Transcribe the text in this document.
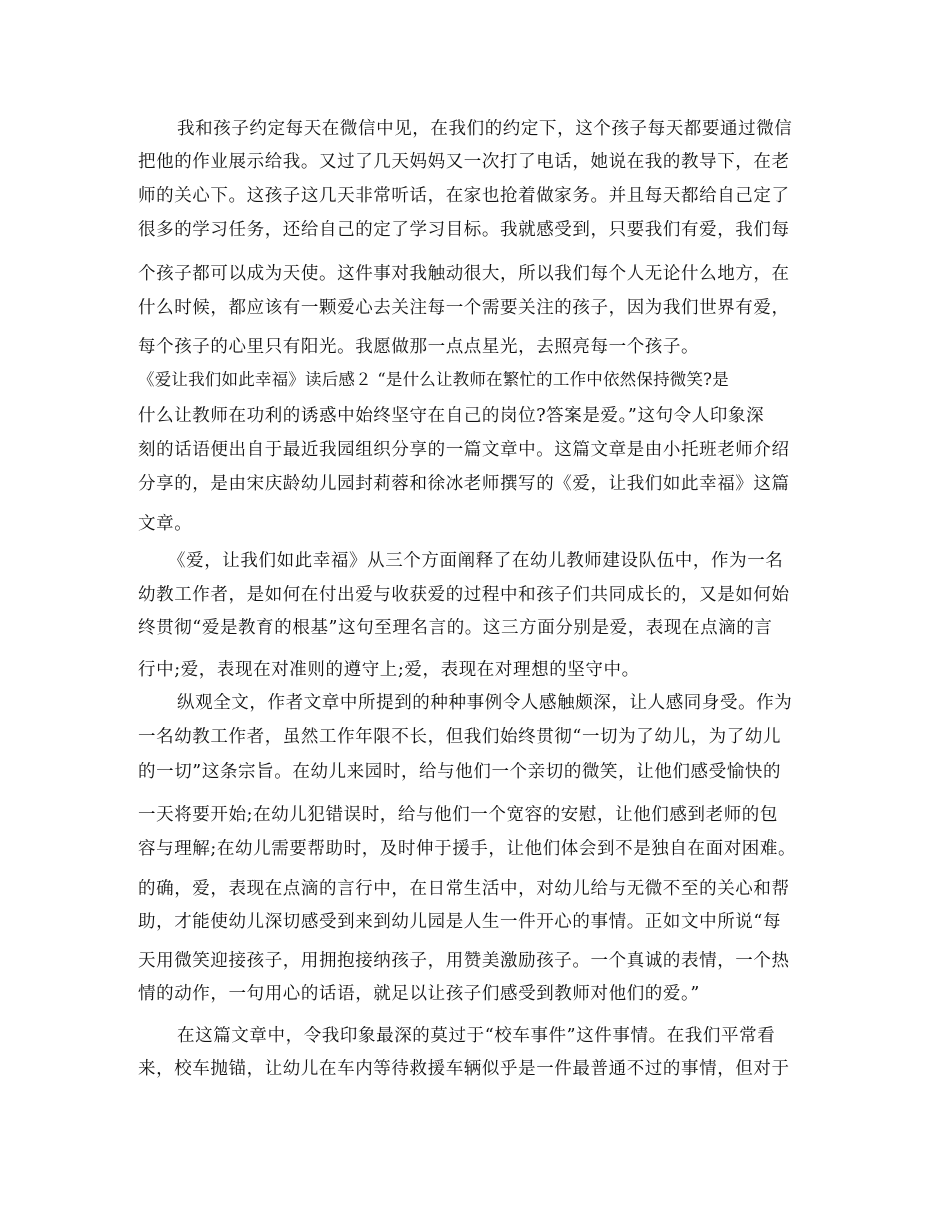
我和孩子约定每天在微信中见，在我们的约定下，这个孩子每天都要通过微信
把他的作业展示给我。又过了几天妈妈又一次打了电话，她说在我的教导下，在老
师的关心下。这孩子这几天非常听话，在家也抢着做家务。并且每天都给自己定了
很多的学习任务，还给自己的定了学习目标。我就感受到，只要我们有爱，我们每
个孩子都可以成为天使。这件事对我触动很大，所以我们每个人无论什么地方，在
什么时候，都应该有一颗爱心去关注每一个需要关注的孩子，因为我们世界有爱，
每个孩子的心里只有阳光。我愿做那一点点星光，去照亮每一个孩子。
《爱让我们如此幸福》读后感２ “是什么让教师在繁忙的工作中依然保持微笑?是
什么让教师在功利的诱惑中始终坚守在自己的岗位?答案是爱。”这句令人印象深
刻的话语便出自于最近我园组织分享的一篇文章中。这篇文章是由小托班老师介绍
分享的，是由宋庆龄幼儿园封莉蓉和徐冰老师撰写的《爱，让我们如此幸福》这篇
文章。
《爱，让我们如此幸福》从三个方面阐释了在幼儿教师建设队伍中，作为一名
幼教工作者，是如何在付出爱与收获爱的过程中和孩子们共同成长的，又是如何始
终贯彻“爱是教育的根基”这句至理名言的。这三方面分别是爱，表现在点滴的言
行中;爱，表现在对准则的遵守上;爱，表现在对理想的坚守中。
纵观全文，作者文章中所提到的种种事例令人感触颇深，让人感同身受。作为
一名幼教工作者，虽然工作年限不长，但我们始终贯彻“一切为了幼儿，为了幼儿
的一切”这条宗旨。在幼儿来园时，给与他们一个亲切的微笑，让他们感受愉快的
一天将要开始;在幼儿犯错误时，给与他们一个宽容的安慰，让他们感到老师的包
容与理解;在幼儿需要帮助时，及时伸于援手，让他们体会到不是独自在面对困难。
的确，爱，表现在点滴的言行中，在日常生活中，对幼儿给与无微不至的关心和帮
助，才能使幼儿深切感受到来到幼儿园是人生一件开心的事情。正如文中所说“每
天用微笑迎接孩子，用拥抱接纳孩子，用赞美激励孩子。一个真诚的表情，一个热
情的动作，一句用心的话语，就足以让孩子们感受到教师对他们的爱。”
在这篇文章中，令我印象最深的莫过于“校车事件”这件事情。在我们平常看
来，校车抛锚，让幼儿在车内等待救援车辆似乎是一件最普通不过的事情，但对于
